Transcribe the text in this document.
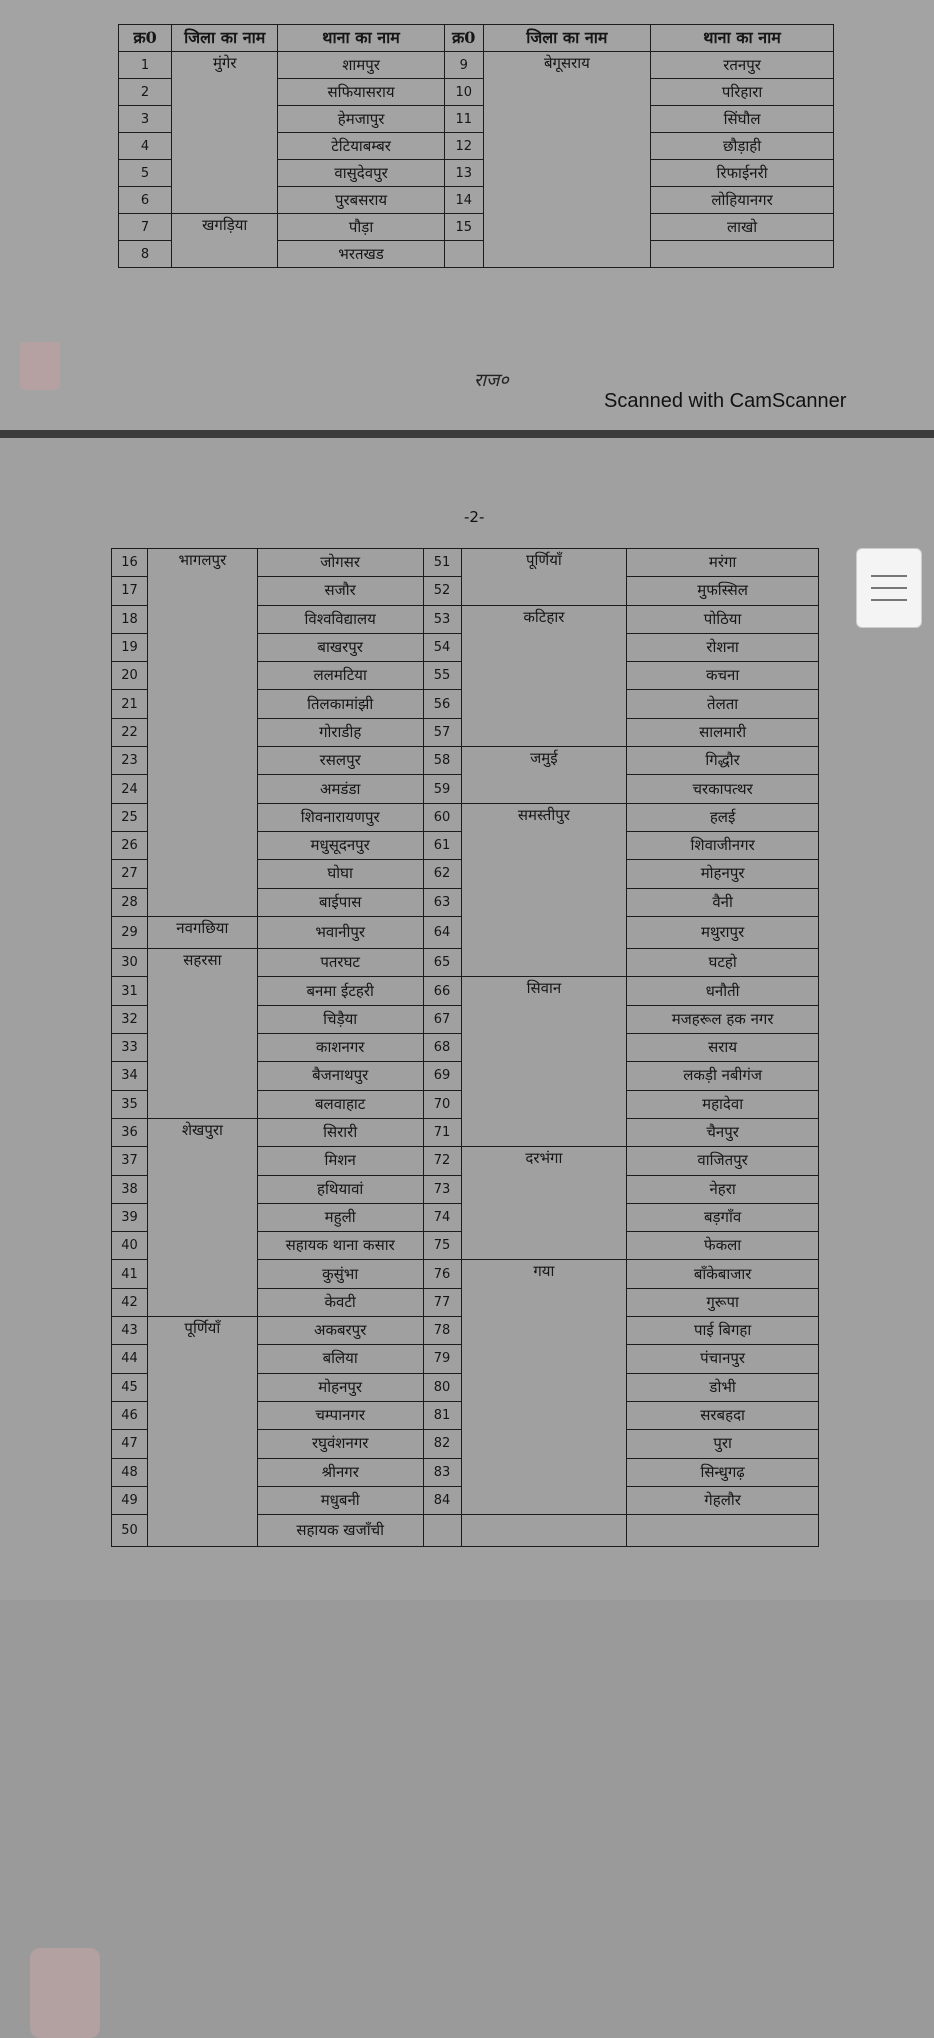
क्र0	जिला का नाम	थाना का नाम	क्र0	जिला का नाम	थाना का नाम
1	मुंगेर	शामपुर	9	बेगूसराय	रतनपुर
2		सफियासराय	10		परिहारा
3		हेमजापुर	11		सिंघौल
4		टेटियाबम्बर	12		छौड़ाही
5		वासुदेवपुर	13		रिफाईनरी
6		पुरबसराय	14		लोहियानगर
7	खगड़िया	पौड़ा	15		लाखो
8		भरतखड			
राज०
Scanned with CamScanner
-2-
16	भागलपुर	जोगसर	51	पूर्णियाँ	मरंगा
17		सजौर	52		मुफस्सिल
18		विश्वविद्यालय	53	कटिहार	पोठिया
19		बाखरपुर	54		रोशना
20		ललमटिया	55		कचना
21		तिलकामांझी	56		तेलता
22		गोराडीह	57		सालमारी
23		रसलपुर	58	जमुई	गिद्धौर
24		अमडंडा	59		चरकापत्थर
25		शिवनारायणपुर	60	समस्तीपुर	हलई
26		मधुसूदनपुर	61		शिवाजीनगर
27		घोघा	62		मोहनपुर
28		बाईपास	63		वैनी
29	नवगछिया	भवानीपुर	64		मथुरापुर
30	सहरसा	पतरघट	65		घटहो
31		बनमा ईटहरी	66	सिवान	धनौती
32		चिड़ैया	67		मजहरूल हक नगर
33		काशनगर	68		सराय
34		बैजनाथपुर	69		लकड़ी नबीगंज
35		बलवाहाट	70		महादेवा
36	शेखपुरा	सिरारी	71		चैनपुर
37		मिशन	72	दरभंगा	वाजितपुर
38		हथियावां	73		नेहरा
39		महुली	74		बड़गाँव
40		सहायक थाना कसार	75		फेकला
41		कुसुंभा	76	गया	बाँकेबाजार
42		केवटी	77		गुरूपा
43	पूर्णियाँ	अकबरपुर	78		पाई बिगहा
44		बलिया	79		पंचानपुर
45		मोहनपुर	80		डोभी
46		चम्पानगर	81		सरबहदा
47		रघुवंशनगर	82		पुरा
48		श्रीनगर	83		सिन्धुगढ़
49		मधुबनी	84		गेहलौर
50		सहायक खजाँची			
